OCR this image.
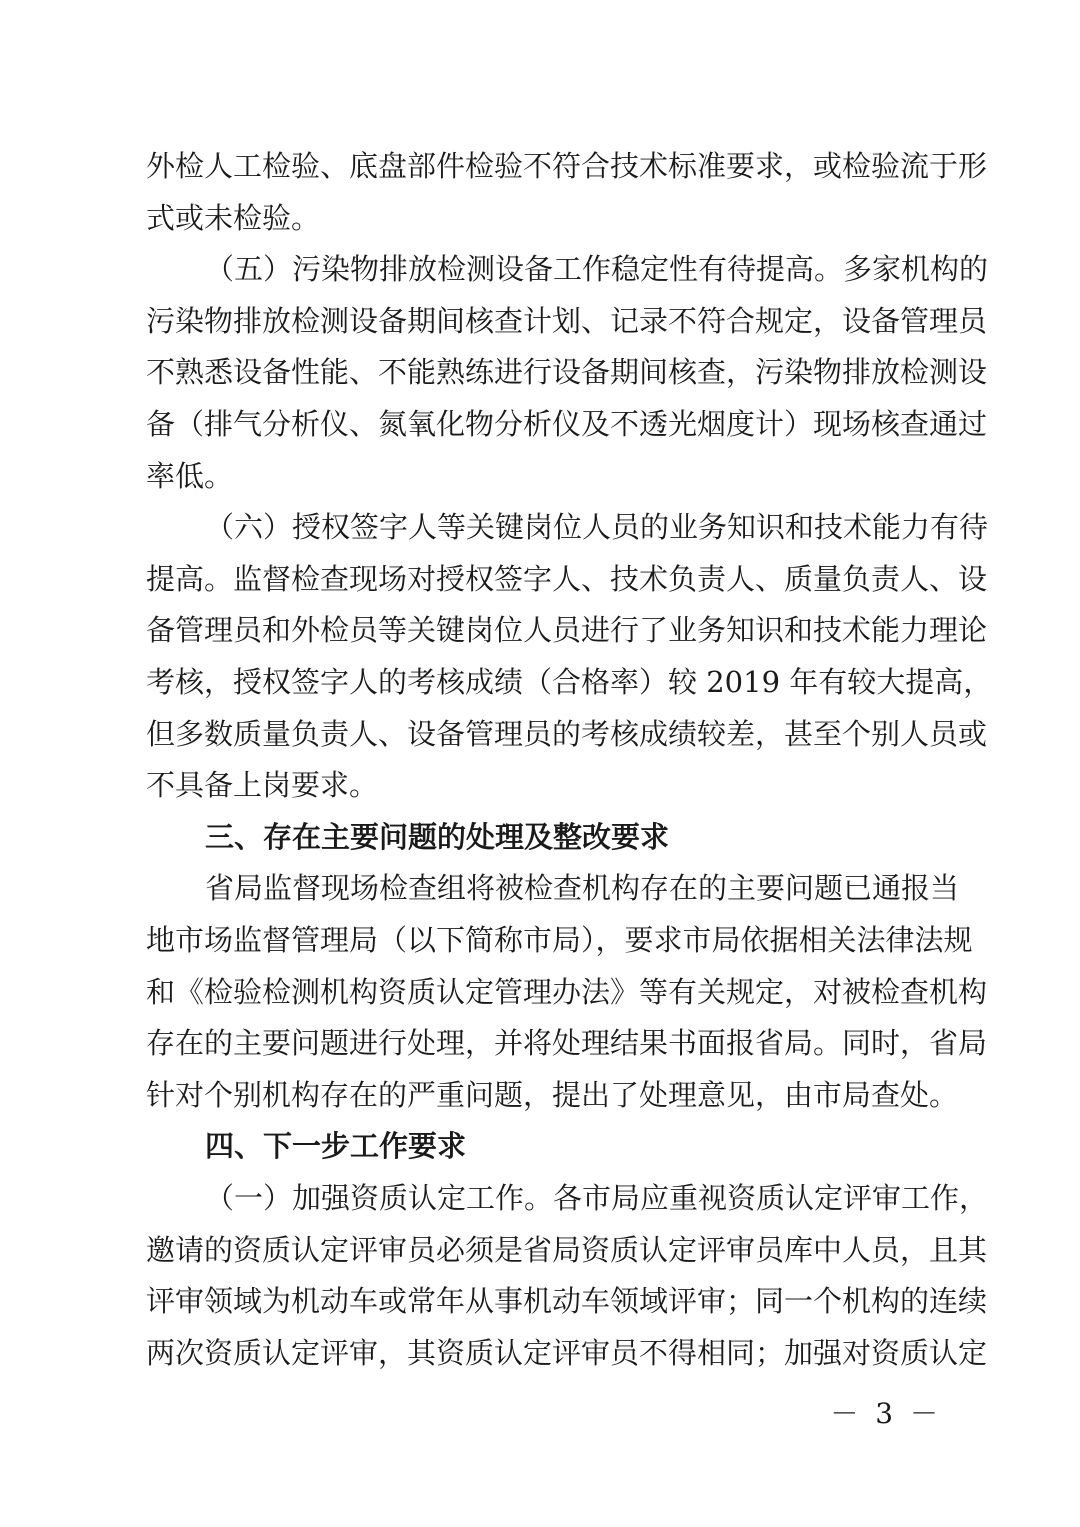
外检人工检验、底盘部件检验不符合技术标准要求，或检验流于形
式或未检验。
（五）污染物排放检测设备工作稳定性有待提高。多家机构的
污染物排放检测设备期间核查计划、记录不符合规定，设备管理员
不熟悉设备性能、不能熟练进行设备期间核查，污染物排放检测设
备（排气分析仪、氮氧化物分析仪及不透光烟度计）现场核查通过
率低。
（六）授权签字人等关键岗位人员的业务知识和技术能力有待
提高。监督检查现场对授权签字人、技术负责人、质量负责人、设
备管理员和外检员等关键岗位人员进行了业务知识和技术能力理论
考核，授权签字人的考核成绩（合格率）较 2019 年有较大提高，
但多数质量负责人、设备管理员的考核成绩较差，甚至个别人员或
不具备上岗要求。
三、存在主要问题的处理及整改要求
省局监督现场检查组将被检查机构存在的主要问题已通报当
地市场监督管理局（以下简称市局），要求市局依据相关法律法规
和《检验检测机构资质认定管理办法》等有关规定，对被检查机构
存在的主要问题进行处理，并将处理结果书面报省局。同时，省局
针对个别机构存在的严重问题，提出了处理意见，由市局查处。
四、下一步工作要求
（一）加强资质认定工作。各市局应重视资质认定评审工作，
邀请的资质认定评审员必须是省局资质认定评审员库中人员，且其
评审领域为机动车或常年从事机动车领域评审；同一个机构的连续
两次资质认定评审，其资质认定评审员不得相同；加强对资质认定
－ 3 －
